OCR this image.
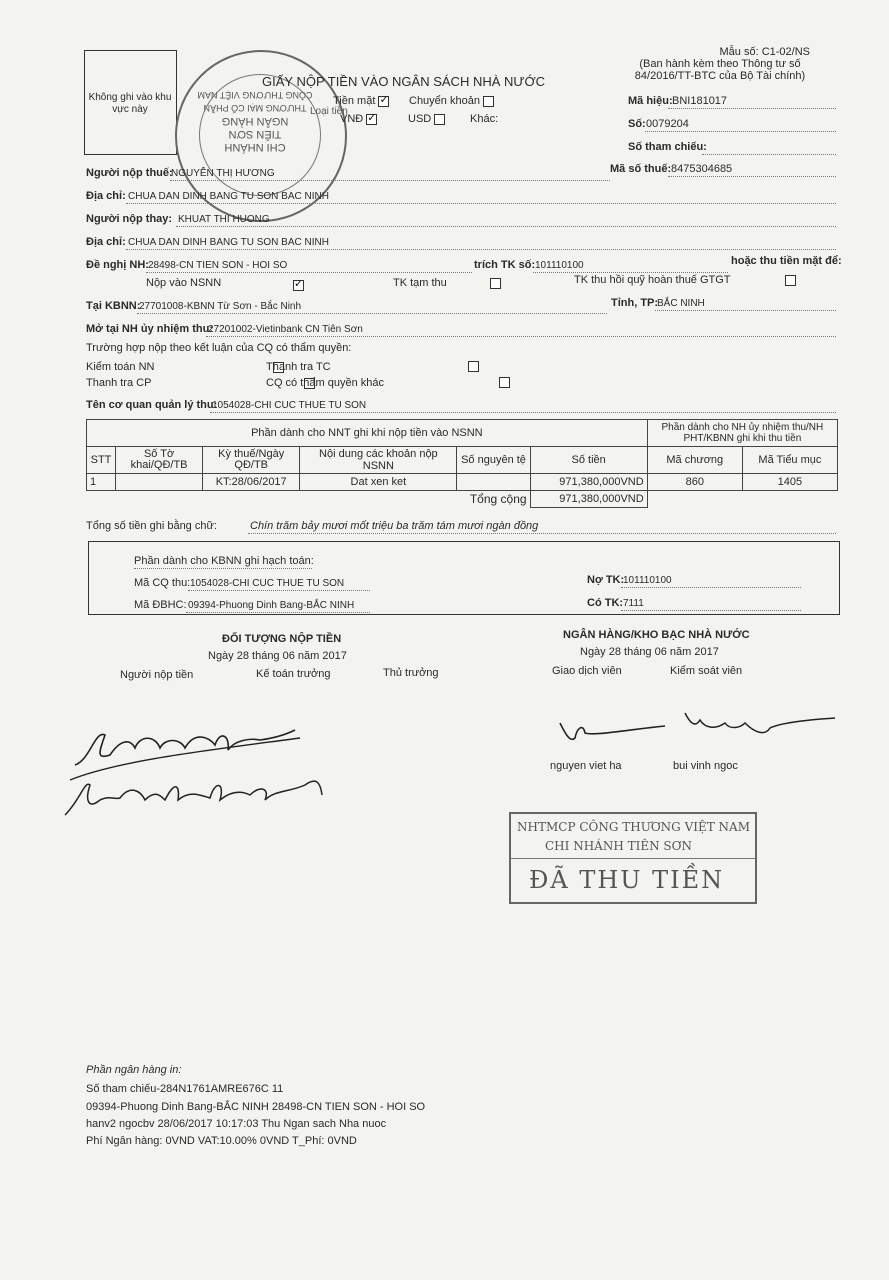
Không ghi vào khu vực này
CHI NHÁNH
TIÊN SƠN
NGÂN HÀNG
THƯƠNG MẠI CỔ PHẦN
CÔNG THƯƠNG VIỆT NAM
Mẫu số: C1-02/NS
(Ban hành kèm theo Thông tư số
84/2016/TT-BTC của Bộ Tài chính)
GIẤY NỘP TIỀN VÀO NGÂN SÁCH NHÀ NƯỚC
Tiền mặt ✓	Chuyển khoản
Loại tiền
VNĐ ✓	USD	Khác:
Mã hiệu: BNI181017
Số: 0079204
Số tham chiếu:
Người nộp thuế:
NGUYỄN THỊ HƯƠNG	Mã số thuế: 8475304685
Địa chỉ: CHUA DAN DINH BANG TU SON BAC NINH
Người nộp thay: KHUAT THI HUONG
Địa chỉ: CHUA DAN DINH BANG TU SON BAC NINH
Đề nghị NH: 28498-CN TIEN SON - HOI SO	trích TK số: 101110100	hoặc thu tiền mặt để:
Nộp vào NSNN ✓	TK tạm thu
	TK thu hồi quỹ hoàn thuế GTGT

Tại KBNN:
27701008-KBNN Từ Sơn - Bắc Ninh	Tỉnh, TP:
BẮC NINH
Mở tại NH ủy nhiệm thu:
27201002-Vietinbank CN Tiên Sơn
Trường hợp nộp theo kết luận của CQ có thẩm quyền:
Kiểm toán NN
	Thanh tra TC

Thanh tra CP
	CQ có thẩm quyền khác
Tên cơ quan quản lý thu:
1054028-CHI CUC THUE TU SON
Phần dành cho NNT ghi khi nộp tiền vào NSNN						Phần dành cho NH ủy nhiệm thu/NH PHT/KBNN ghi khi thu tiền	
STT	Số Tờ khai/QĐ/TB	Kỳ thuế/Ngày QĐ/TB	Nội dung các khoản nộp NSNN	Số nguyên tệ	Số tiền	Mã chương	Mã Tiểu mục
1		KT:28/06/2017	Dat xen ket		971,380,000VND	860	1405
Tổng cộng					971,380,000VND		
Tổng số tiền ghi bằng chữ:	Chín trăm bảy mươi mốt triệu ba trăm tám mươi ngàn đồng
Phần dành cho KBNN ghi hạch toán:
Mã CQ thu: 1054028-CHI CUC THUE TU SON	Nợ TK:
101110100
Mã ĐBHC: 09394-Phuong Dinh Bang-BẮC NINH	Có TK: 7111
ĐỐI TƯỢNG NỘP TIỀN
Ngày 28 tháng 06 năm 2017
Người nộp tiền	Kế toán trưởng	Thủ trưởng
NGÂN HÀNG/KHO BẠC NHÀ NƯỚC
Ngày 28 tháng 06 năm 2017
Giao dịch viên	Kiểm soát viên
nguyen viet ha	bui vinh ngoc
NHTMCP CÔNG THƯƠNG VIỆT NAM
CHI NHÁNH TIÊN SƠN
ĐÃ THU TIỀN
Phần ngân hàng in:
Số tham chiếu-284N1761AMRE676C 11
09394-Phuong Dinh Bang-BẮC NINH 28498-CN TIEN SON - HOI SO
hanv2 ngocbv 28/06/2017 10:17:03 Thu Ngan sach Nha nuoc
Phí Ngân hàng: 0VND VAT:10.00% 0VND T_Phí: 0VND
